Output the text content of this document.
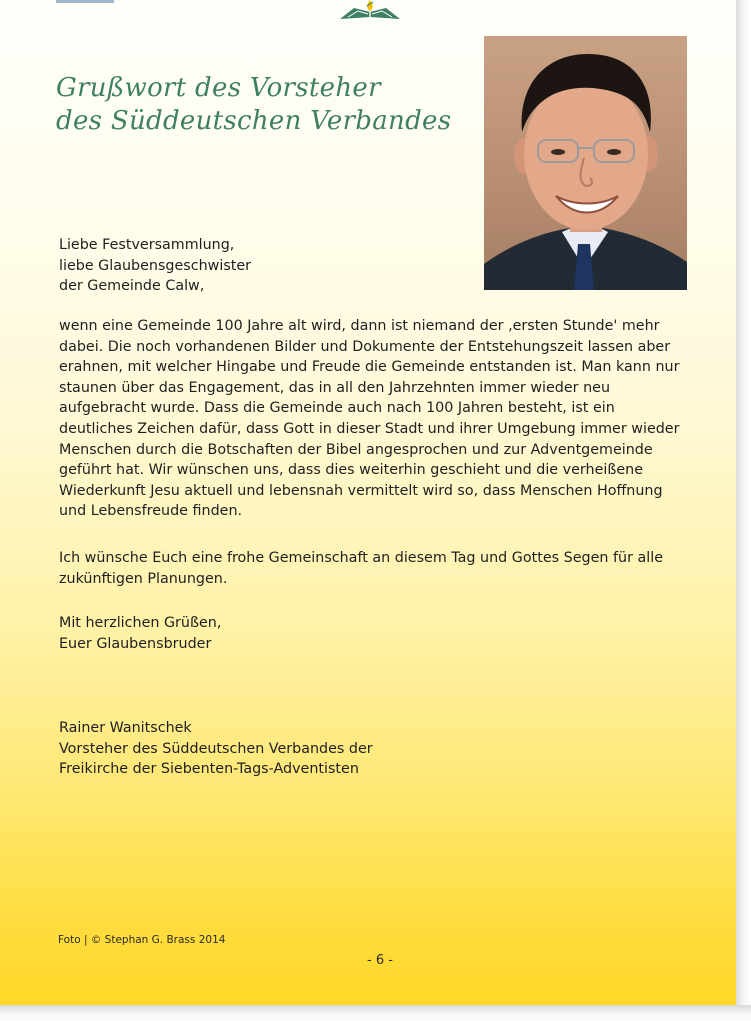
Grußwort des Vorsteher
des Süddeutschen Verbandes
Liebe Festversammlung,
liebe Glaubensgeschwister
der Gemeinde Calw,

wenn eine Gemeinde 100 Jahre alt wird, dann ist niemand der ‚ersten Stunde' mehr dabei. Die noch vorhandenen Bilder und Dokumente der Entstehungszeit lassen aber erahnen, mit welcher Hingabe und Freude die Gemeinde entstanden ist. Man kann nur staunen über das Engagement, das in all den Jahrzehnten immer wieder neu aufgebracht wurde. Dass die Gemeinde auch nach 100 Jahren besteht, ist ein deutliches Zeichen dafür, dass Gott in dieser Stadt und ihrer Umgebung immer wieder Menschen durch die Botschaften der Bibel angesprochen und zur Adventgemeinde geführt hat. Wir wünschen uns, dass dies weiterhin geschieht und die verheißene Wiederkunft Jesu aktuell und lebensnah vermittelt wird so, dass Menschen Hoffnung und Lebensfreude finden.

Ich wünsche Euch eine frohe Gemeinschaft an diesem Tag und Gottes Segen für alle zukünftigen Planungen.

Mit herzlichen Grüßen,
Euer Glaubensbruder
Rainer Wanitschek
Vorsteher des Süddeutschen Verbandes der
Freikirche der Siebenten-Tags-Adventisten
Foto | © Stephan G. Brass 2014
- 6 -
